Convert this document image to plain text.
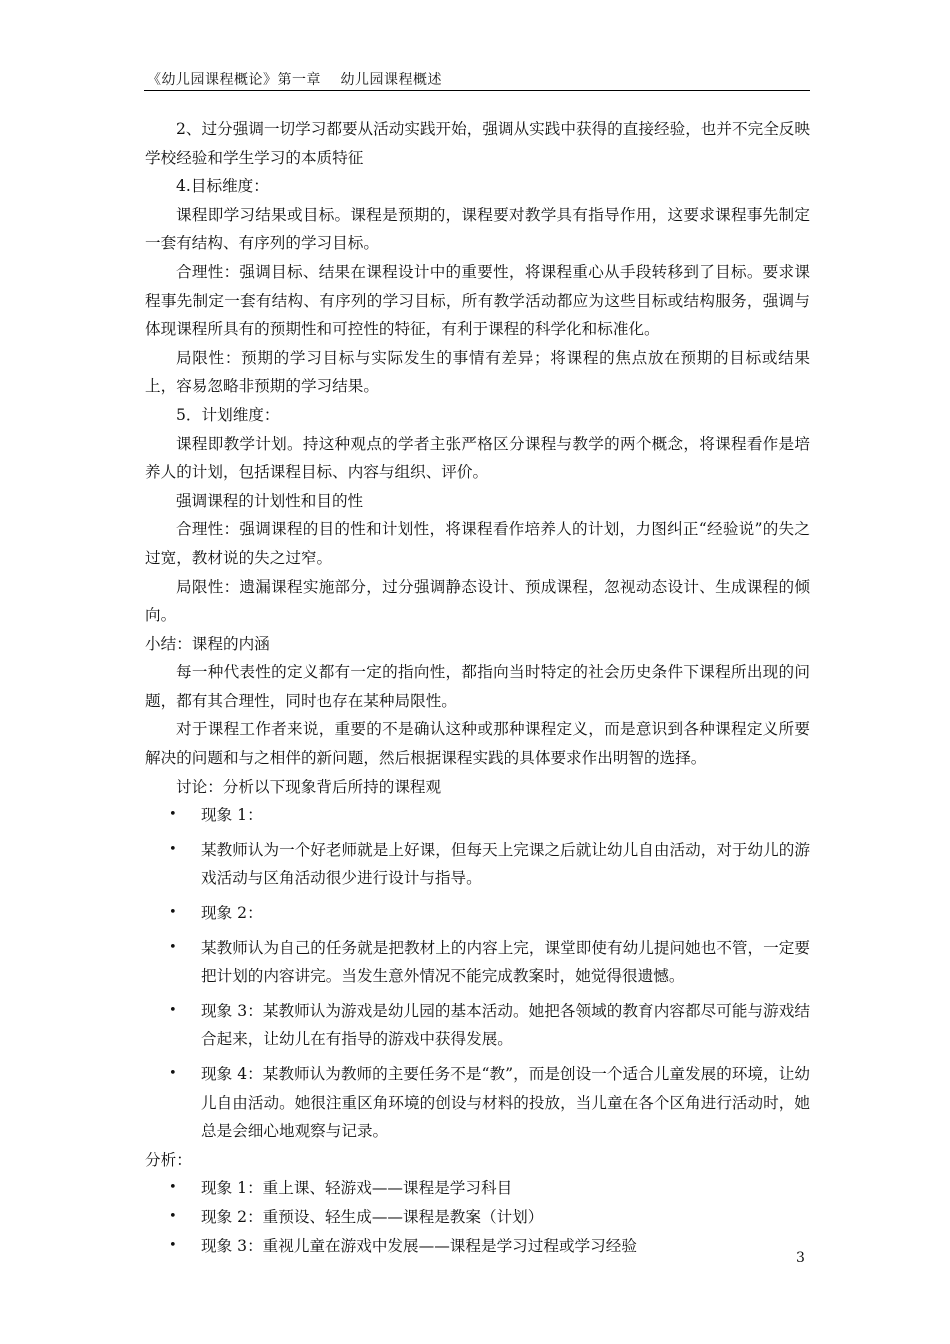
《幼儿园课程概论》第一章　 幼儿园课程概述

2、过分强调一切学习都要从活动实践开始，强调从实践中获得的直接经验，也并不完全反映学校经验和学生学习的本质特征

4.目标维度：

课程即学习结果或目标。课程是预期的，课程要对教学具有指导作用，这要求课程事先制定一套有结构、有序列的学习目标。

合理性：强调目标、结果在课程设计中的重要性，将课程重心从手段转移到了目标。要求课程事先制定一套有结构、有序列的学习目标，所有教学活动都应为这些目标或结构服务，强调与体现课程所具有的预期性和可控性的特征，有利于课程的科学化和标准化。

局限性：预期的学习目标与实际发生的事情有差异；将课程的焦点放在预期的目标或结果上，容易忽略非预期的学习结果。

5．计划维度：

课程即教学计划。持这种观点的学者主张严格区分课程与教学的两个概念，将课程看作是培养人的计划，包括课程目标、内容与组织、评价。

强调课程的计划性和目的性

合理性：强调课程的目的性和计划性，将课程看作培养人的计划，力图纠正“经验说”的失之过宽，教材说的失之过窄。

局限性：遗漏课程实施部分，过分强调静态设计、预成课程，忽视动态设计、生成课程的倾向。

小结：课程的内涵

每一种代表性的定义都有一定的指向性，都指向当时特定的社会历史条件下课程所出现的问题，都有其合理性，同时也存在某种局限性。

对于课程工作者来说，重要的不是确认这种或那种课程定义，而是意识到各种课程定义所要解决的问题和与之相伴的新问题，然后根据课程实践的具体要求作出明智的选择。

讨论：分析以下现象背后所持的课程观

• 现象 1：

• 某教师认为一个好老师就是上好课，但每天上完课之后就让幼儿自由活动，对于幼儿的游戏活动与区角活动很少进行设计与指导。

• 现象 2：

• 某教师认为自己的任务就是把教材上的内容上完，课堂即使有幼儿提问她也不管，一定要把计划的内容讲完。当发生意外情况不能完成教案时，她觉得很遗憾。

• 现象 3：某教师认为游戏是幼儿园的基本活动。她把各领域的教育内容都尽可能与游戏结合起来，让幼儿在有指导的游戏中获得发展。

• 现象 4：某教师认为教师的主要任务不是“教”，而是创设一个适合儿童发展的环境，让幼儿自由活动。她很注重区角环境的创设与材料的投放，当儿童在各个区角进行活动时，她总是会细心地观察与记录。

分析：

• 现象 1：重上课、轻游戏——课程是学习科目

• 现象 2：重预设、轻生成——课程是教案（计划）

• 现象 3：重视儿童在游戏中发展——课程是学习过程或学习经验

3
